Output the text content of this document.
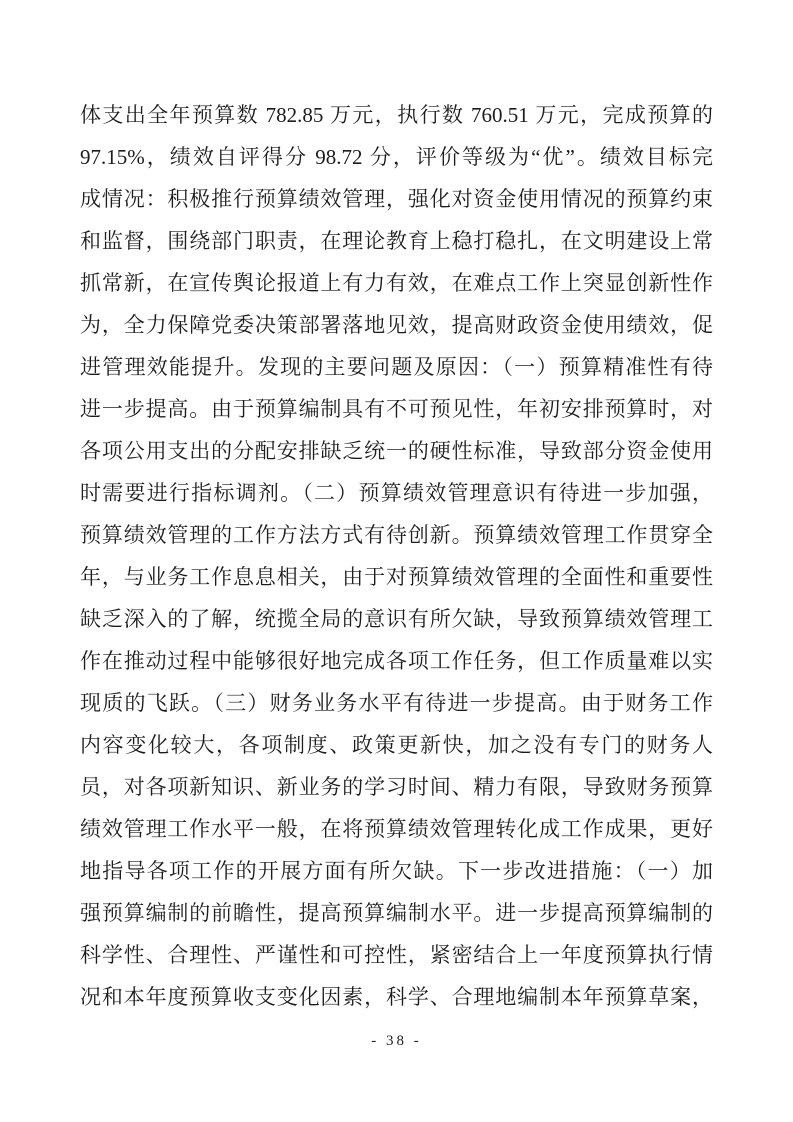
体支出全年预算数 782.85 万元，执行数 760.51 万元，完成预算的
97.15%，绩效自评得分 98.72 分，评价等级为“优”。绩效目标完
成情况：积极推行预算绩效管理，强化对资金使用情况的预算约束
和监督，围绕部门职责，在理论教育上稳打稳扎，在文明建设上常
抓常新，在宣传舆论报道上有力有效，在难点工作上突显创新性作
为，全力保障党委决策部署落地见效，提高财政资金使用绩效，促
进管理效能提升。发现的主要问题及原因：（一）预算精准性有待
进一步提高。由于预算编制具有不可预见性，年初安排预算时，对
各项公用支出的分配安排缺乏统一的硬性标准，导致部分资金使用
时需要进行指标调剂。（二）预算绩效管理意识有待进一步加强，
预算绩效管理的工作方法方式有待创新。预算绩效管理工作贯穿全
年，与业务工作息息相关，由于对预算绩效管理的全面性和重要性
缺乏深入的了解，统揽全局的意识有所欠缺，导致预算绩效管理工
作在推动过程中能够很好地完成各项工作任务，但工作质量难以实
现质的飞跃。（三）财务业务水平有待进一步提高。由于财务工作
内容变化较大，各项制度、政策更新快，加之没有专门的财务人
员，对各项新知识、新业务的学习时间、精力有限，导致财务预算
绩效管理工作水平一般，在将预算绩效管理转化成工作成果，更好
地指导各项工作的开展方面有所欠缺。下一步改进措施：（一）加
强预算编制的前瞻性，提高预算编制水平。进一步提高预算编制的
科学性、合理性、严谨性和可控性，紧密结合上一年度预算执行情
况和本年度预算收支变化因素，科学、合理地编制本年预算草案，
- 38 -
